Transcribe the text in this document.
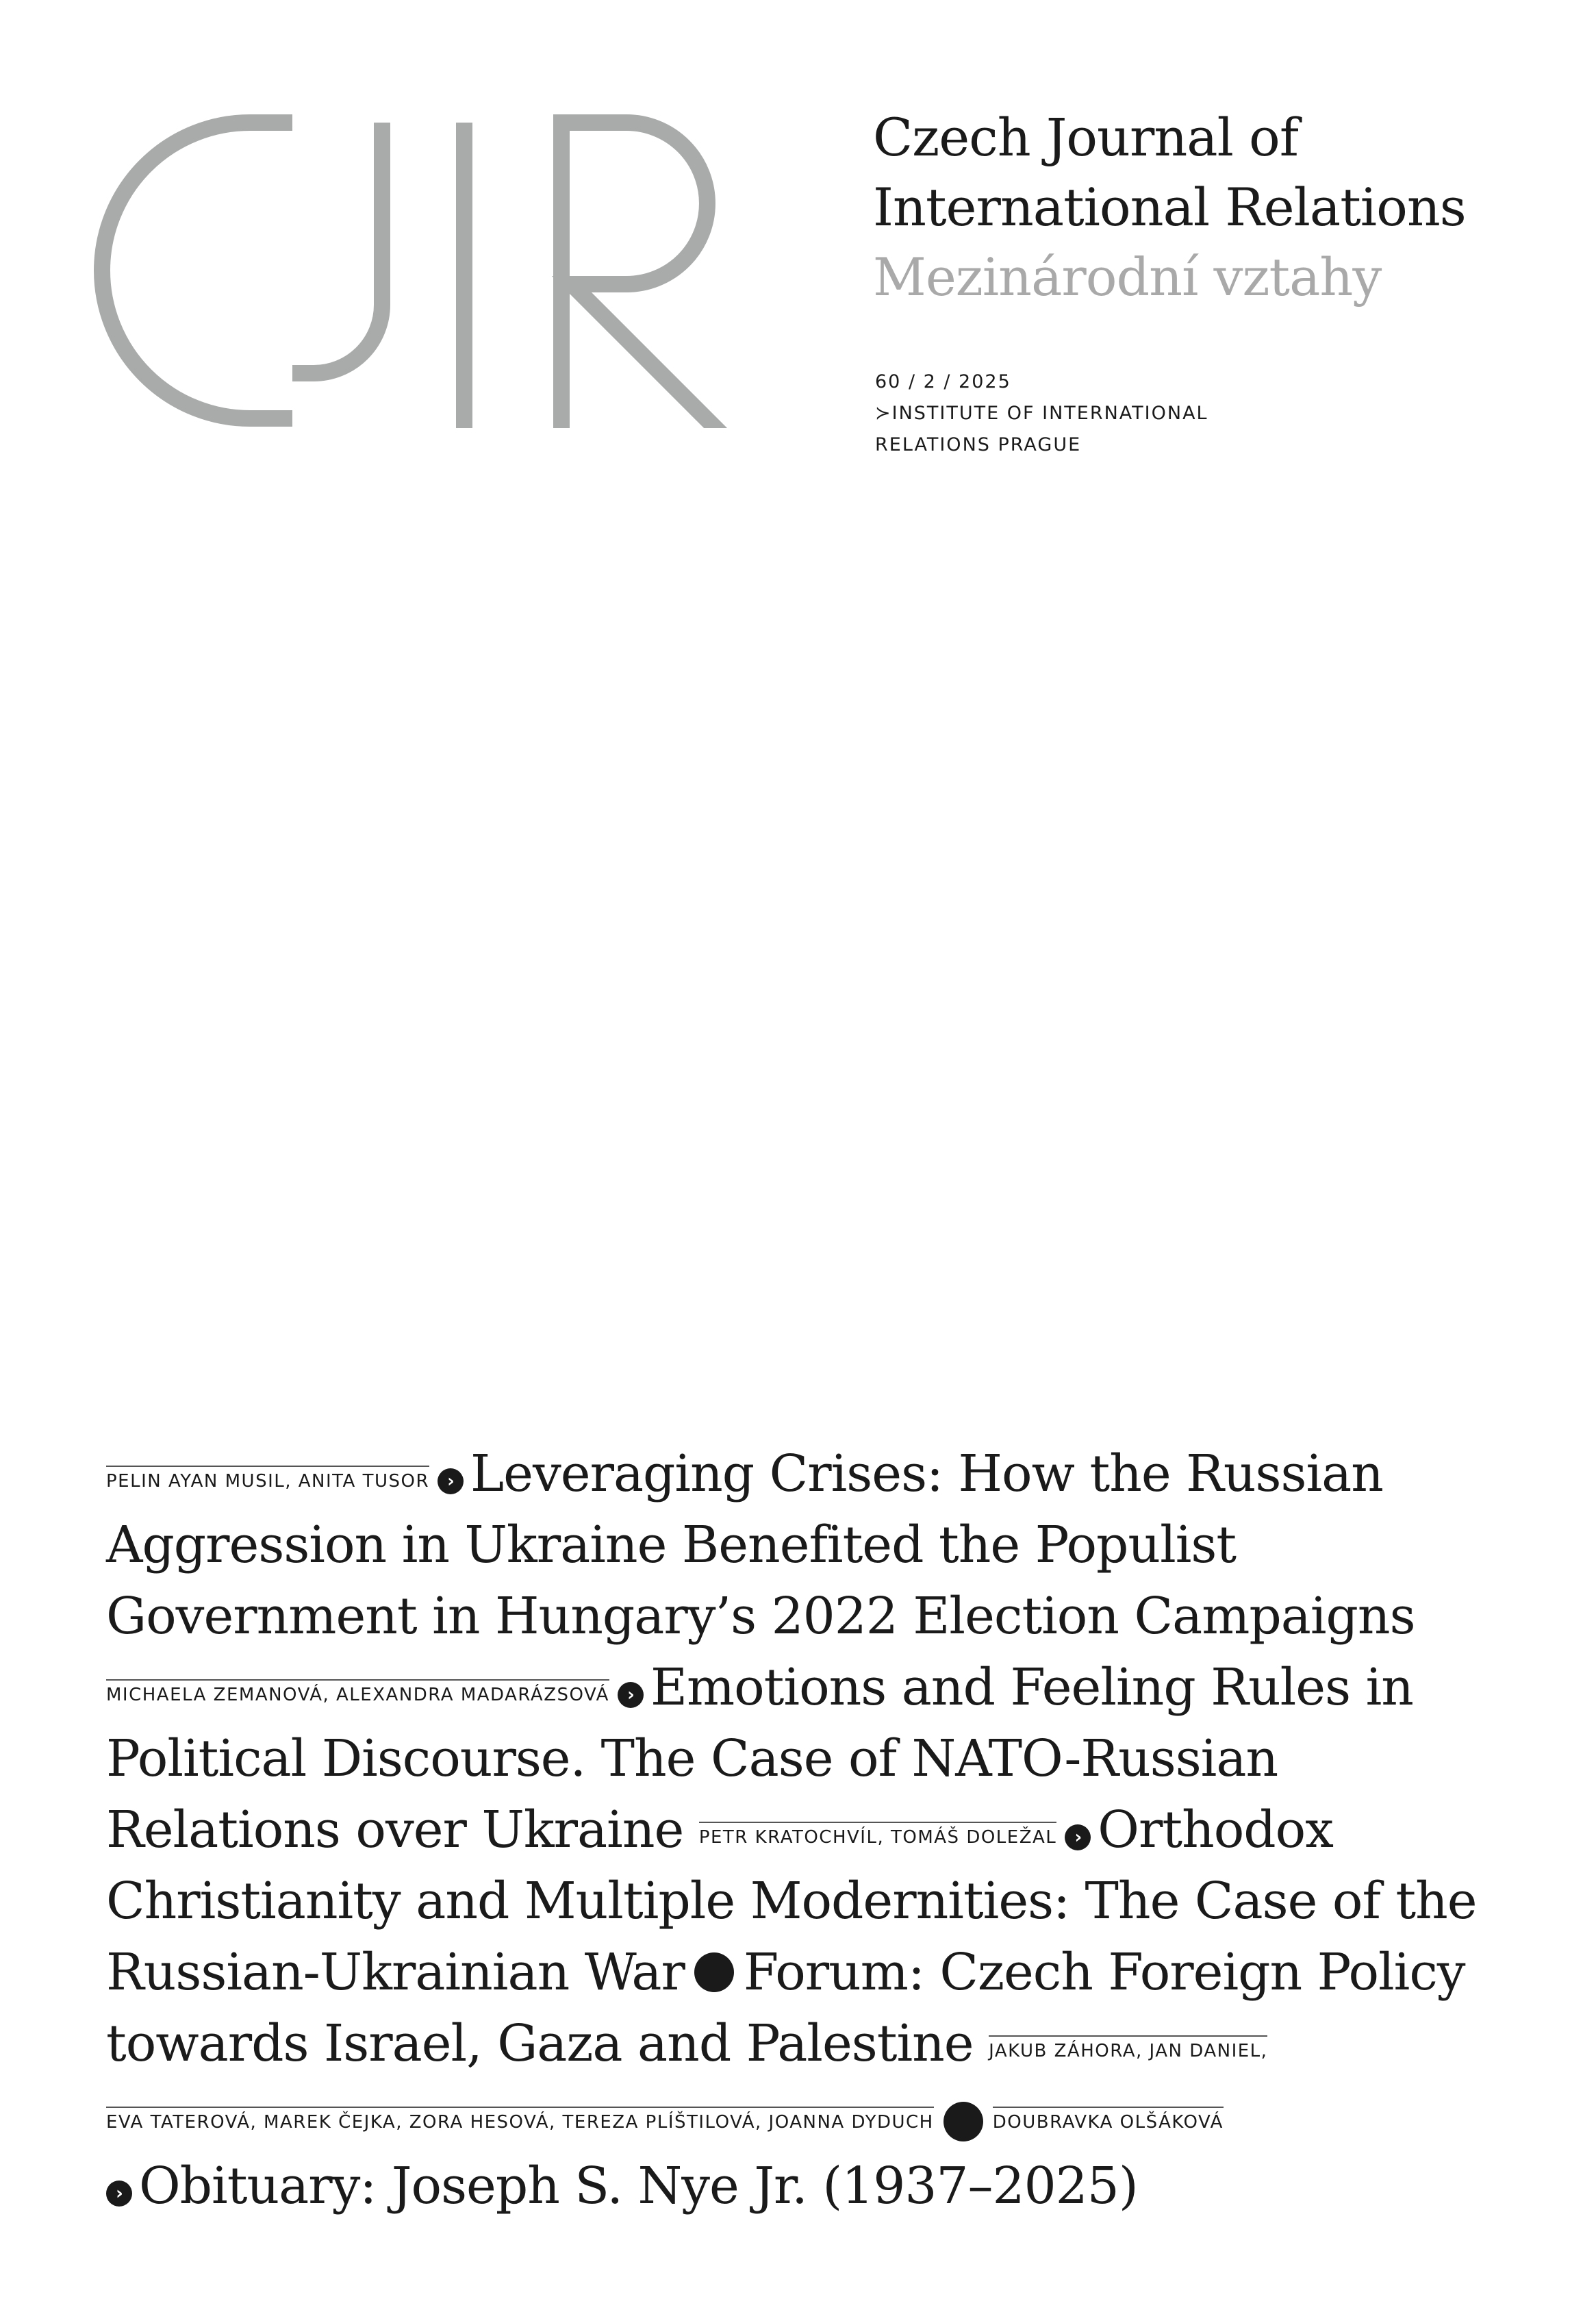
Czech Journal of
International Relations
Mezinárodní vztahy
60 / 2 / 2025
≻INSTITUTE OF INTERNATIONAL
RELATIONS PRAGUE
PELIN AYAN MUSIL, ANITA TUSOR › Leveraging Crises: How the Russian Aggression in Ukraine Benefited the Populist Government in Hungary’s 2022 Election Campaigns MICHAELA ZEMANOVÁ, ALEXANDRA MADARÁZSOVÁ › Emotions and Feeling Rules in Political Discourse. The Case of NATO-Russian Relations over Ukraine PETR KRATOCHVÍL, TOMÁŠ DOLEŽAL › Orthodox Christianity and Multiple Modernities: The Case of the Russian-Ukrainian War Forum: Czech Foreign Policy towards Israel, Gaza and Palestine JAKUB ZÁHORA, JAN DANIEL, EVA TATEROVÁ, MAREK ČEJKA, ZORA HESOVÁ, TEREZA PLÍŠTILOVÁ, JOANNA DYDUCH	DOUBRAVKA OLŠÁKOVÁ
› Obituary: Joseph S. Nye Jr. (1937–2025)
